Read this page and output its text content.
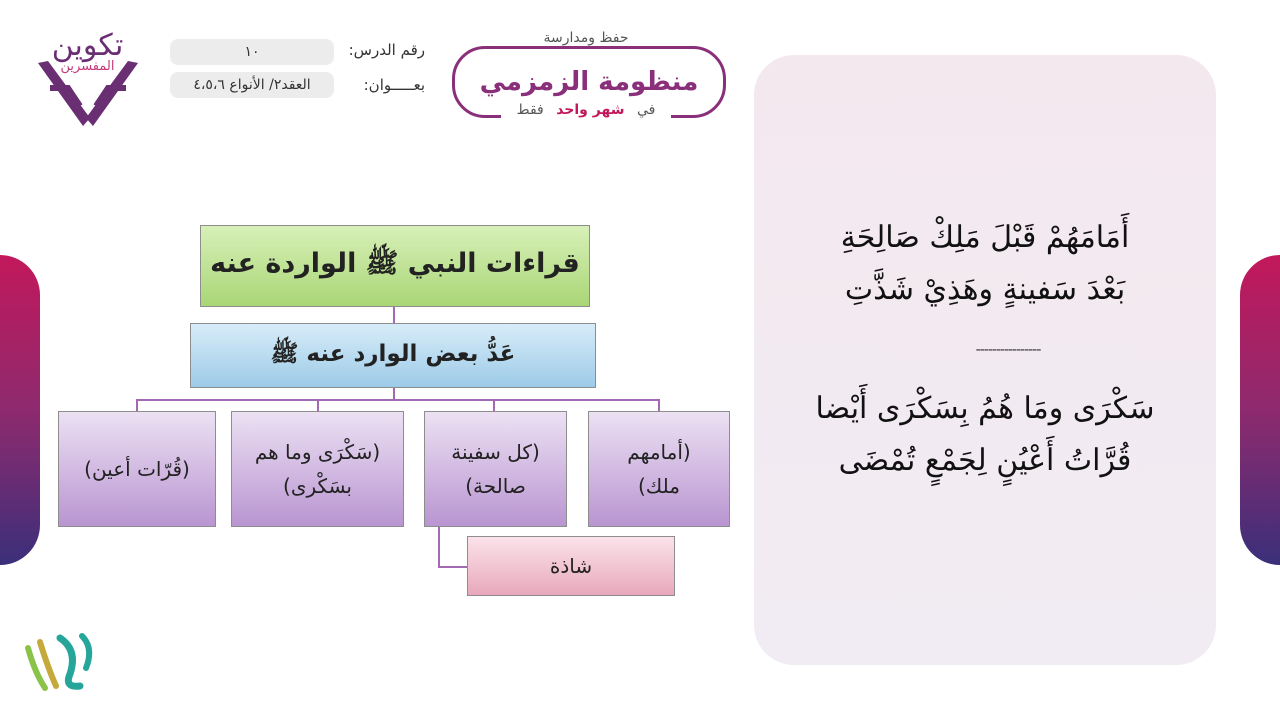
تكوين
المفسرين
١٠	رقم الدرس:
العقد٢/ الأنواع ٤،٥،٦	بعـــــوان: منظومة الزمزمي
حفظ ومدارسة
في شهر واحد فقط
أَمَامَهُمْ قَبْلَ مَلِكْ صَالِحَةِ
بَعْدَ سَفينةٍ وهَذِيْ شَذَّتِ
----------------
سَكْرَى ومَا هُمُ بِسَكْرَى أَيْضا
قُرَّاتُ أَعْيُنٍ لِجَمْعٍ تُمْضَى
قراءات النبي ﷺ الواردة عنه
عَدُّ بعض الوارد عنه ﷺ
(أمامهم
ملك)
(كل سفينة
صالحة)
(سَكْرَى وما هم
بسَكْرى)
(قُرّات أعين)
شاذة
